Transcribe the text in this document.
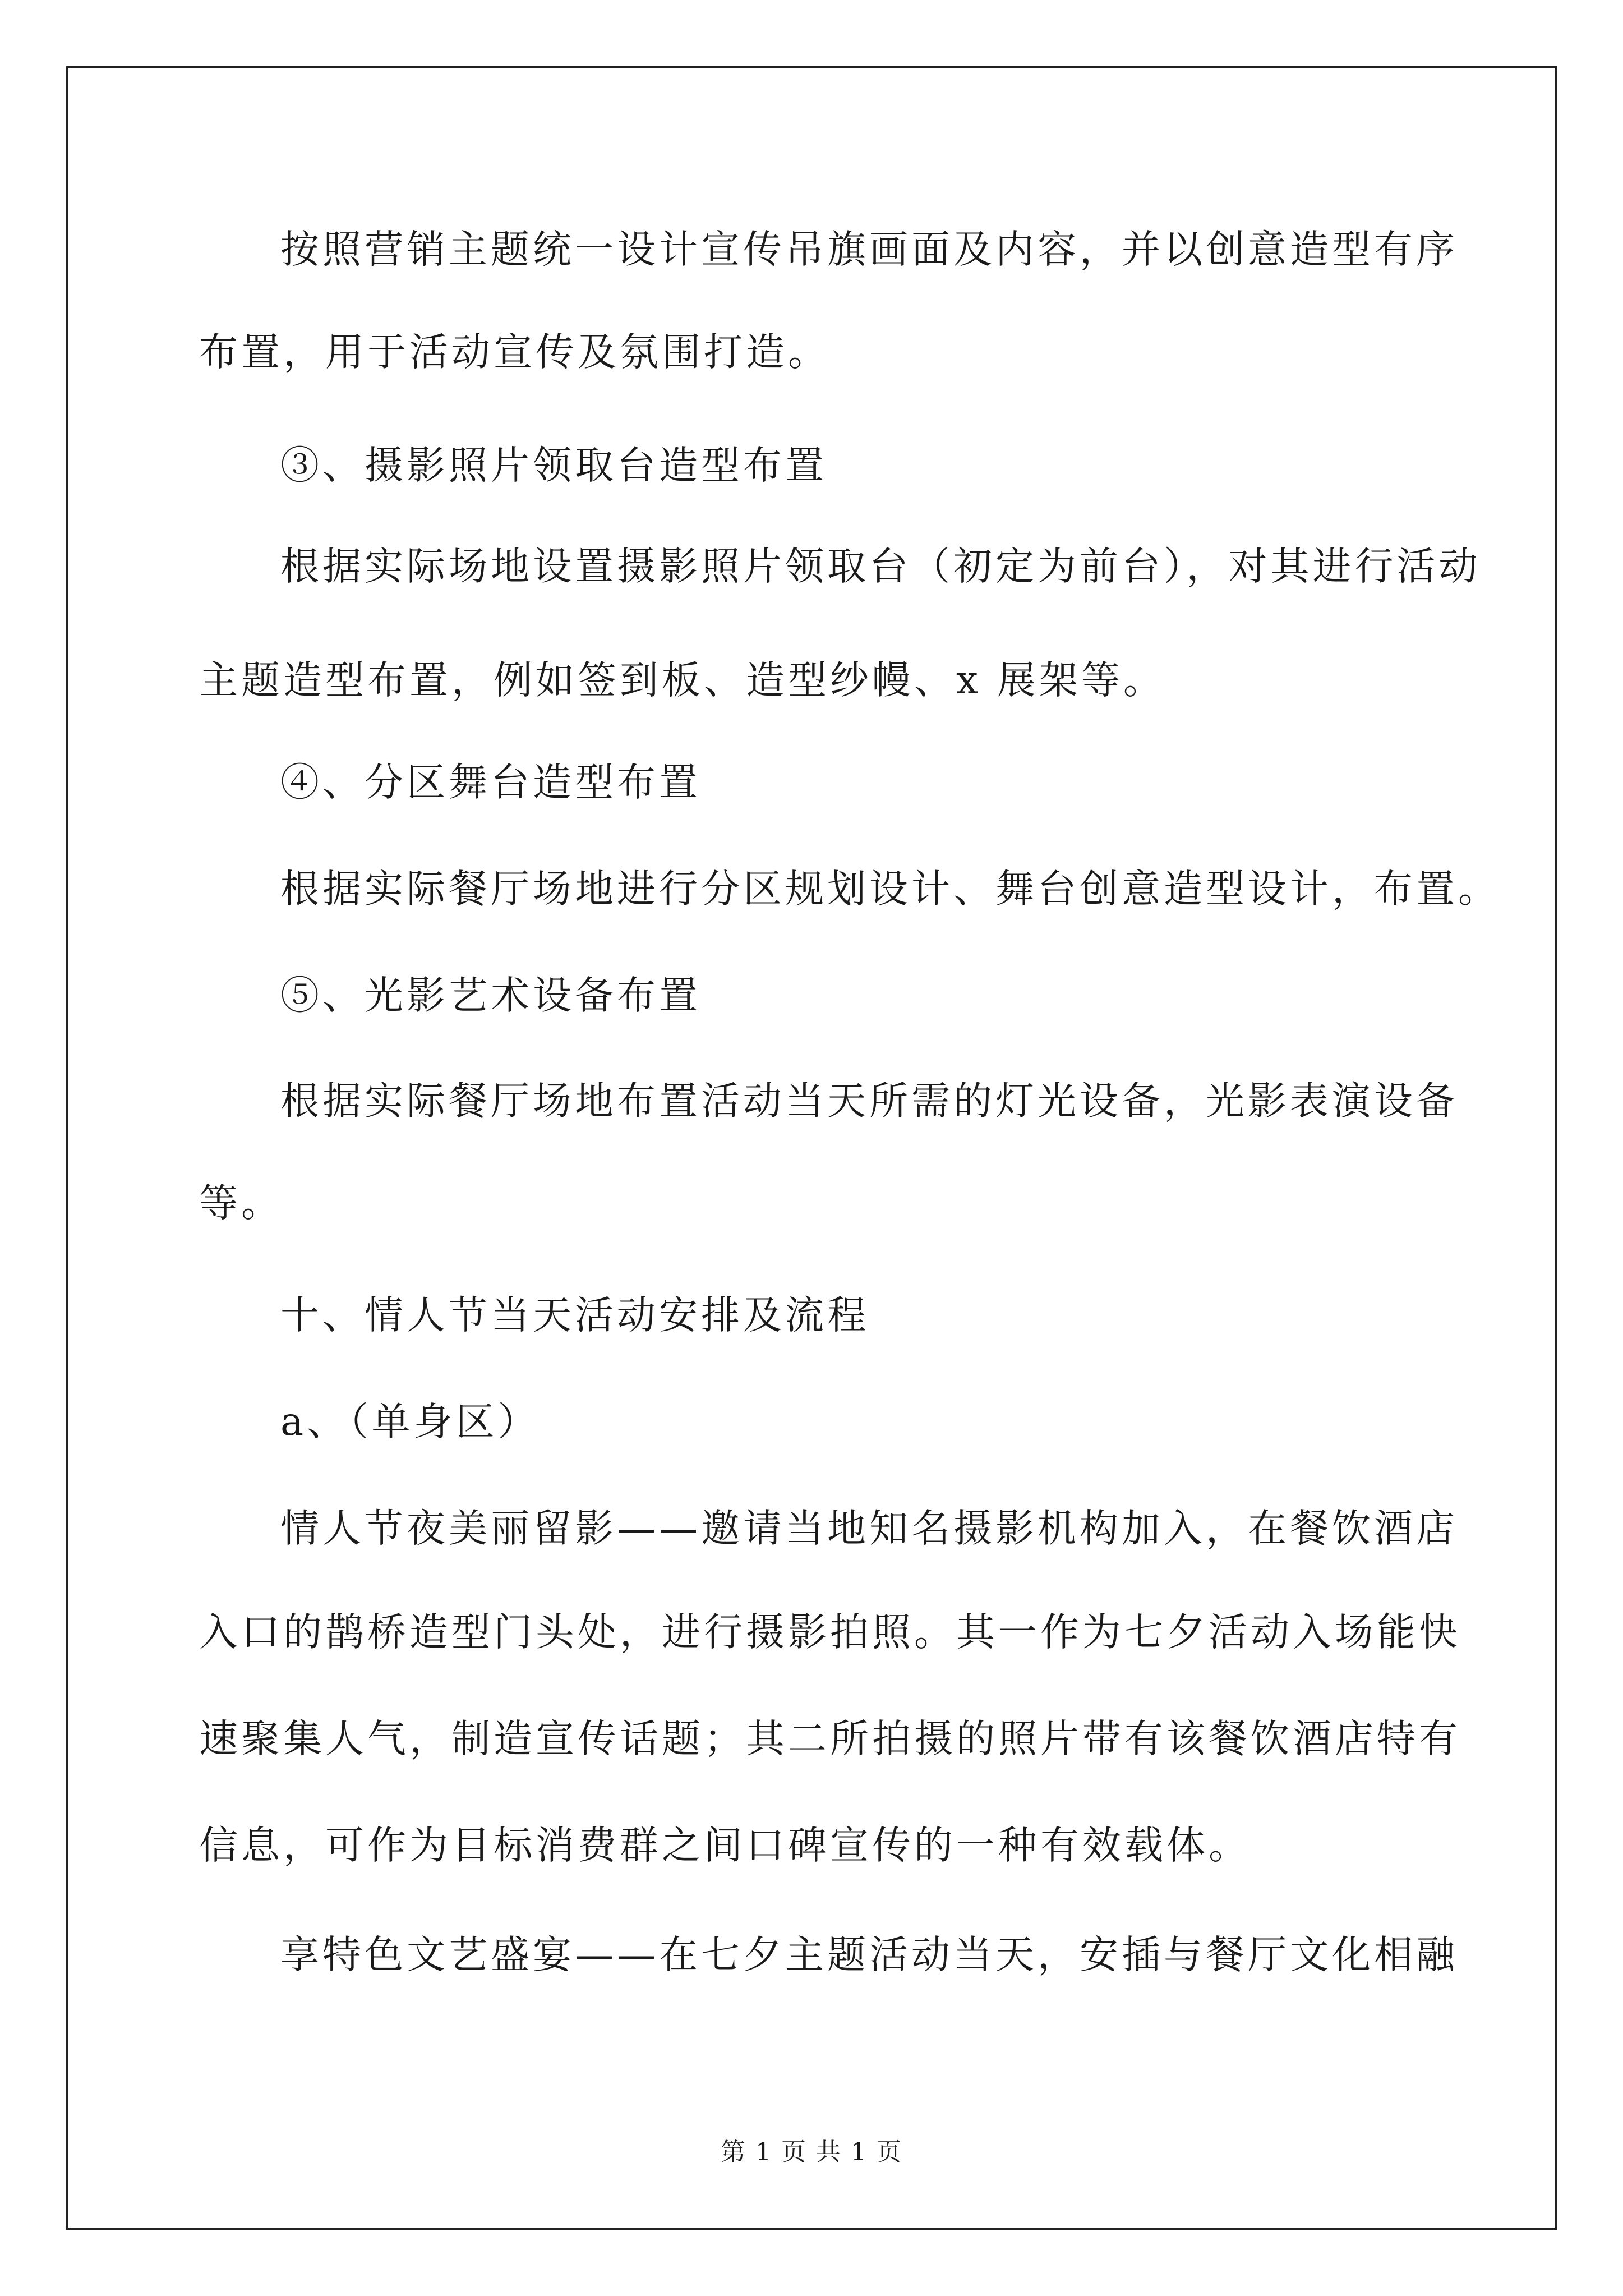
按照营销主题统一设计宣传吊旗画面及内容，并以创意造型有序
布置，用于活动宣传及氛围打造。
③、摄影照片领取台造型布置
根据实际场地设置摄影照片领取台（初定为前台），对其进行活动
主题造型布置，例如签到板、造型纱幔、x 展架等。
④、分区舞台造型布置
根据实际餐厅场地进行分区规划设计、舞台创意造型设计，布置。
⑤、光影艺术设备布置
根据实际餐厅场地布置活动当天所需的灯光设备，光影表演设备
等。
十、情人节当天活动安排及流程
a、（单身区）
情人节夜美丽留影——邀请当地知名摄影机构加入，在餐饮酒店
入口的鹊桥造型门头处，进行摄影拍照。其一作为七夕活动入场能快
速聚集人气，制造宣传话题；其二所拍摄的照片带有该餐饮酒店特有
信息，可作为目标消费群之间口碑宣传的一种有效载体。
享特色文艺盛宴——在七夕主题活动当天，安插与餐厅文化相融
第 1 页 共 1 页
